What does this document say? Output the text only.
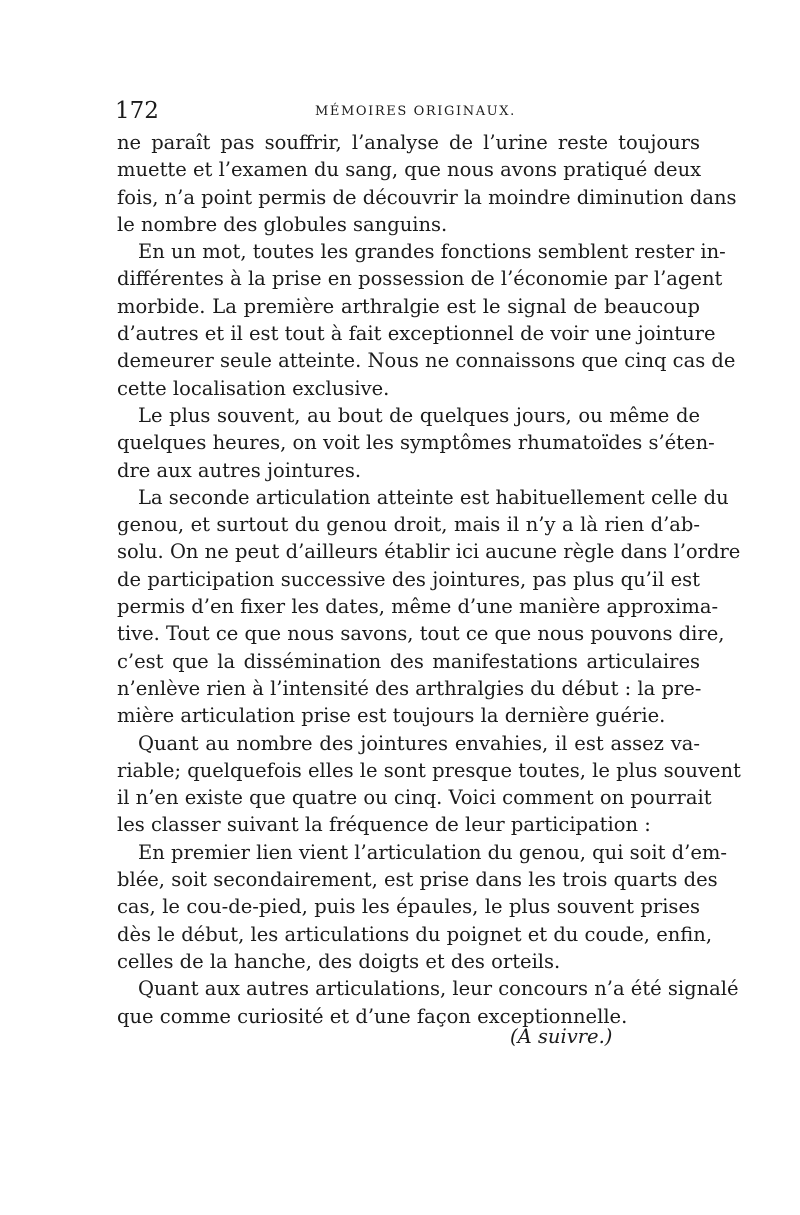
172	MÉMOIRES ORIGINAUX.
ne paraît pas souffrir, l’analyse de l’urine reste toujours
muette et l’examen du sang, que nous avons pratiqué deux
fois, n’a point permis de découvrir la moindre diminution dans
le nombre des globules sanguins.
En un mot, toutes les grandes fonctions semblent rester in-
différentes à la prise en possession de l’économie par l’agent
morbide. La première arthralgie est le signal de beaucoup
d’autres et il est tout à fait exceptionnel de voir une jointure
demeurer seule atteinte. Nous ne connaissons que cinq cas de
cette localisation exclusive.
Le plus souvent, au bout de quelques jours, ou même de
quelques heures, on voit les symptômes rhumatoïdes s’éten-
dre aux autres jointures.
La seconde articulation atteinte est habituellement celle du
genou, et surtout du genou droit, mais il n’y a là rien d’ab-
solu. On ne peut d’ailleurs établir ici aucune règle dans l’ordre
de participation successive des jointures, pas plus qu’il est
permis d’en fixer les dates, même d’une manière approxima-
tive. Tout ce que nous savons, tout ce que nous pouvons dire,
c’est que la dissémination des manifestations articulaires
n’enlève rien à l’intensité des arthralgies du début : la pre-
mière articulation prise est toujours la dernière guérie.
Quant au nombre des jointures envahies, il est assez va-
riable; quelquefois elles le sont presque toutes, le plus souvent
il n’en existe que quatre ou cinq. Voici comment on pourrait
les classer suivant la fréquence de leur participation :
En premier lien vient l’articulation du genou, qui soit d’em-
blée, soit secondairement, est prise dans les trois quarts des
cas, le cou-de-pied, puis les épaules, le plus souvent prises
dès le début, les articulations du poignet et du coude, enfin,
celles de la hanche, des doigts et des orteils.
Quant aux autres articulations, leur concours n’a été signalé
que comme curiosité et d’une façon exceptionnelle.
(A suivre.)
